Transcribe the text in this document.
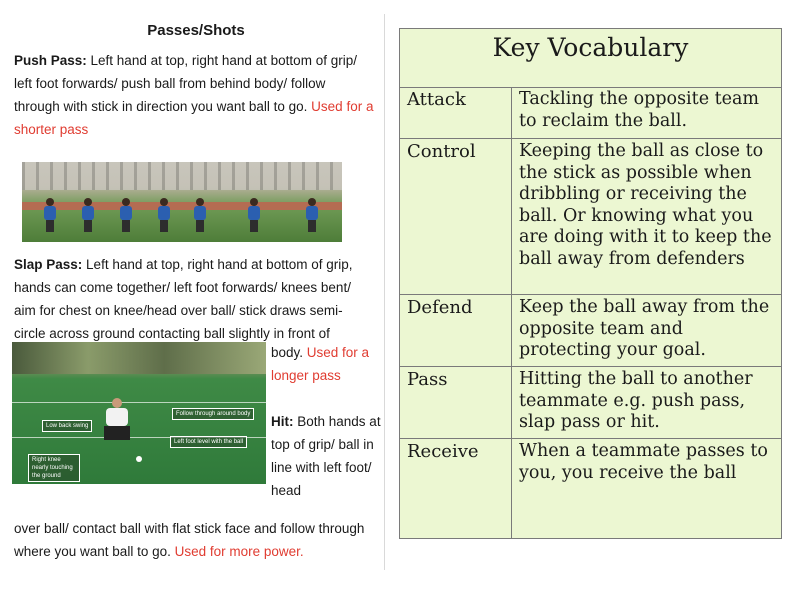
Passes/Shots

Push Pass: Left hand at top, right hand at bottom of grip/ left foot forwards/ push ball from behind body/ follow through with stick in direction you want ball to go. Used for a shorter pass

Slap Pass: Left hand at top, right hand at bottom of grip, hands can come together/ left foot forwards/ knees bent/ aim for chest on knee/head over ball/ stick draws semi-circle across ground contacting ball slightly in front of

Low back swing
Follow through around body
Left foot level with the ball
Right knee nearly touching the ground

body. Used for a longer pass

Hit: Both hands at top of grip/ ball in line with left foot/ head

over ball/ contact ball with flat stick face and follow through where you want ball to go. Used for more power.

Key Vocabulary
Attack	Tackling the opposite team to reclaim the ball.
Control Keeping the ball as close to the stick as possible when dribbling or receiving the ball. Or knowing what you are doing with it to keep the ball away from defenders
Defend	Keep the ball away from the opposite team and protecting your goal.
Pass	Hitting the ball to another teammate e.g. push pass, slap pass or hit.
Receive When a teammate passes to you, you receive the ball
